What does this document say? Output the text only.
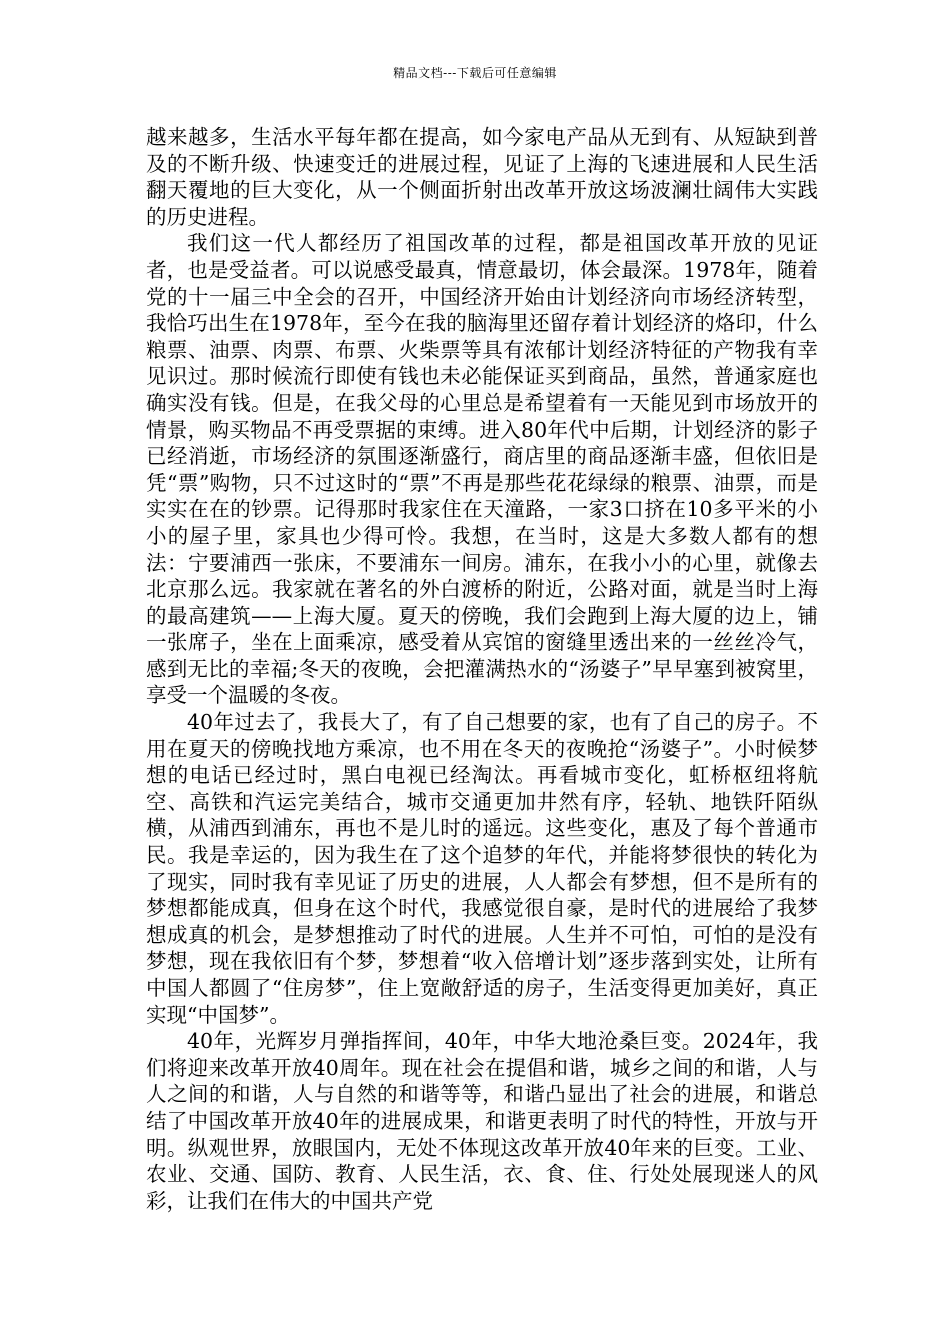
精品文档---下载后可任意编辑

越来越多，生活水平每年都在提高，如今家电产品从无到有、从短缺到普及的不断升级、快速变迁的进展过程，见证了上海的飞速进展和人民生活翻天覆地的巨大变化，从一个侧面折射出改革开放这场波澜壮阔伟大实践的历史进程。

我们这一代人都经历了祖国改革的过程，都是祖国改革开放的见证者，也是受益者。可以说感受最真，情意最切，体会最深。1978年，随着党的十一届三中全会的召开，中国经济开始由计划经济向市场经济转型，我恰巧出生在1978年，至今在我的脑海里还留存着计划经济的烙印，什么粮票、油票、肉票、布票、火柴票等具有浓郁计划经济特征的产物我有幸见识过。那时候流行即使有钱也未必能保证买到商品，虽然，普通家庭也确实没有钱。但是，在我父母的心里总是希望着有一天能见到市场放开的情景，购买物品不再受票据的束缚。进入80年代中后期，计划经济的影子已经消逝，市场经济的氛围逐渐盛行，商店里的商品逐渐丰盛，但依旧是凭“票”购物，只不过这时的“票”不再是那些花花绿绿的粮票、油票，而是实实在在的钞票。记得那时我家住在天潼路，一家3口挤在10多平米的小小的屋子里，家具也少得可怜。我想，在当时，这是大多数人都有的想法：宁要浦西一张床，不要浦东一间房。浦东，在我小小的心里，就像去北京那么远。我家就在著名的外白渡桥的附近，公路对面，就是当时上海的最高建筑——上海大厦。夏天的傍晚，我们会跑到上海大厦的边上，铺一张席子，坐在上面乘凉，感受着从宾馆的窗缝里透出来的一丝丝冷气，感到无比的幸福;冬天的夜晚，会把灌满热水的“汤婆子”早早塞到被窝里，享受一个温暖的冬夜。

40年过去了，我長大了，有了自己想要的家，也有了自己的房子。不用在夏天的傍晚找地方乘凉，也不用在冬天的夜晚抢“汤婆子”。小时候梦想的电话已经过时，黑白电视已经淘汰。再看城市变化，虹桥枢纽将航空、高铁和汽运完美结合，城市交通更加井然有序，轻轨、地铁阡陌纵横，从浦西到浦东，再也不是儿时的遥远。这些变化，惠及了每个普通市民。我是幸运的，因为我生在了这个追梦的年代，并能将梦很快的转化为了现实，同时我有幸见证了历史的进展，人人都会有梦想，但不是所有的梦想都能成真，但身在这个时代，我感觉很自豪，是时代的进展给了我梦想成真的机会，是梦想推动了时代的进展。人生并不可怕，可怕的是没有梦想，现在我依旧有个梦，梦想着“收入倍增计划”逐步落到实处，让所有中国人都圆了“住房梦”，住上宽敞舒适的房子，生活变得更加美好，真正实现“中国梦”。

40年，光辉岁月弹指挥间，40年，中华大地沧桑巨变。2024年，我们将迎来改革开放40周年。现在社会在提倡和谐，城乡之间的和谐，人与人之间的和谐，人与自然的和谐等等，和谐凸显出了社会的进展，和谐总结了中国改革开放40年的进展成果，和谐更表明了时代的特性，开放与开明。纵观世界，放眼国内，无处不体现这改革开放40年来的巨变。工业、农业、交通、国防、教育、人民生活，衣、食、住、行处处展现迷人的风彩，让我们在伟大的中国共产党
